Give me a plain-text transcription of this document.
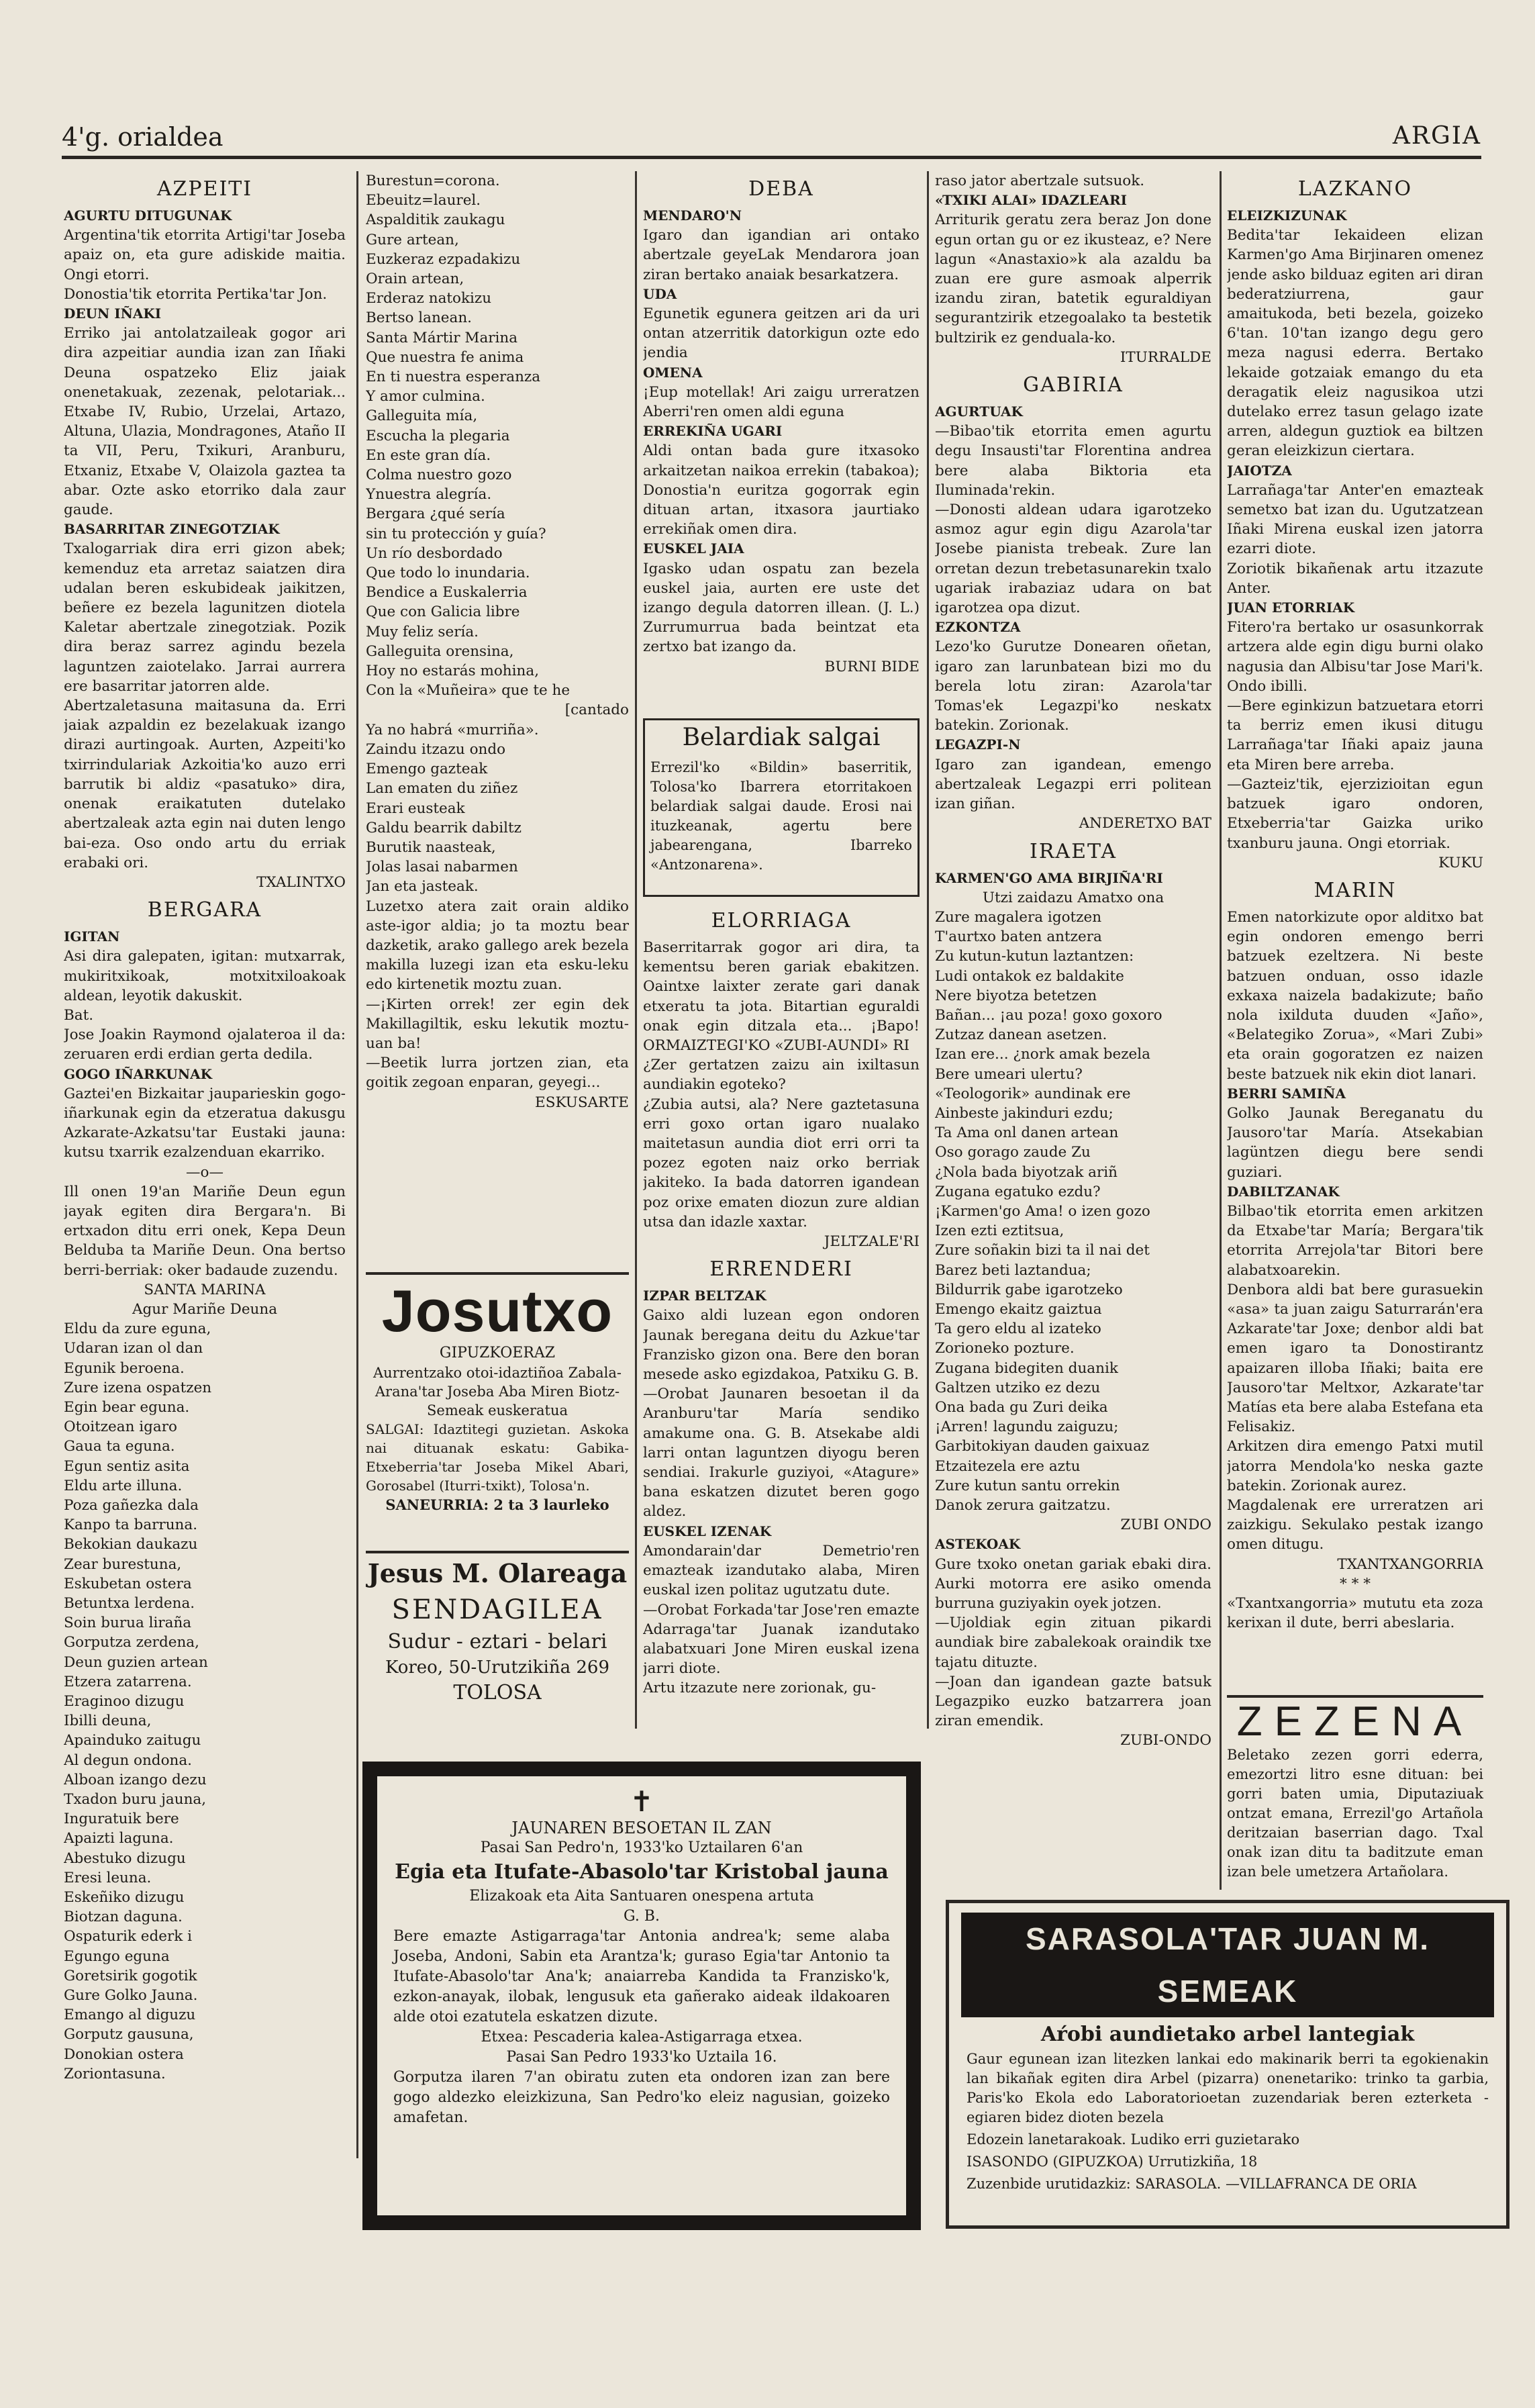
4'g. orialdea	ARGIA

AZPEITI

AGURTU DITUGUNAK

Argentina'tik etorrita Artigi'tar Joseba apaiz on, eta gure adiskide maitia. Ongi etorri.

Donostia'tik etorrita Pertika'tar Jon.

DEUN IÑAKI

Erriko jai antolatzaileak gogor ari dira azpeitiar aundia izan zan Iñaki Deuna ospatzeko Eliz jaiak onenetakuak, zezenak, pelotariak... Etxabe IV, Rubio, Urzelai, Artazo, Altuna, Ulazia, Mondragones, Ataño II ta VII, Peru, Txikuri, Aranburu, Etxaniz, Etxabe V, Olaizola gaztea ta abar. Ozte asko etorriko dala zaur gaude.

BASARRITAR ZINEGOTZIAK

Txalogarriak dira erri gizon abek; kemenduz eta arretaz saiatzen dira udalan beren eskubideak jaikitzen, beñere ez bezela lagunitzen diotela Kaletar abertzale zinegotziak. Pozik dira beraz sarrez agindu bezela laguntzen zaiotelako. Jarrai aurrera ere basarritar jatorren alde.

Abertzaletasuna maitasuna da. Erri jaiak azpaldin ez bezelakuak izango dirazi aurtingoak. Aurten, Azpeiti'ko txirrindulariak Azkoitia'ko auzo erri barrutik bi aldiz «pasatuko» dira, onenak eraikatuten dutelako abertzaleak azta egin nai duten lengo bai-eza. Oso ondo artu du erriak erabaki ori.

TXALINTXO

BERGARA

IGITAN

Asi dira galepaten, igitan: mutxarrak, mukiritxikoak, motxitxiloakoak aldean, leyotik dakuskit.

Bat.

Jose Joakin Raymond ojalateroa il da: zeruaren erdi erdian gerta dedila.

GOGO IÑARKUNAK

Gaztei'en Bizkaitar jauparieskin gogo-iñarkunak egin da etzeratua dakusgu Azkarate-Azkatsu'tar Eustaki jauna: kutsu txarrik ezalzenduan ekarriko.

—o—

Ill onen 19'an Mariñe Deun egun jayak egiten dira Bergara'n. Bi ertxadon ditu erri onek, Kepa Deun Belduba ta Mariñe Deun. Ona bertso berri-berriak: oker badaude zuzendu.

SANTA MARINA

Agur Mariñe Deuna

Eldu da zure eguna,

Udaran izan ol dan

Egunik beroena.

Zure izena ospatzen

Egin bear eguna.

Otoitzean igaro

Gaua ta eguna.

Egun sentiz asita

Eldu arte illuna.

Poza gañezka dala

Kanpo ta barruna.

Bekokian daukazu

Zear burestuna,

Eskubetan ostera

Betuntxa lerdena.

Soin burua liraña

Gorputza zerdena,

Deun guzien artean

Etzera zatarrena.

Eraginoo dizugu

Ibilli deuna,

Apainduko zaitugu

Al degun ondona.

Alboan izango dezu

Txadon buru jauna,

Inguratuik bere

Apaizti laguna.

Abestuko dizugu

Eresi leuna.

Eskeñiko dizugu

Biotzan daguna.

Ospaturik ederk i

Egungo eguna

Goretsirik gogotik

Gure Golko Jauna.

Emango al diguzu

Gorputz gausuna,

Donokian ostera

Zoriontasuna.

Burestun=corona.

Ebeuitz=laurel.

Aspalditik zaukagu

Gure artean,

Euzkeraz ezpadakizu

Orain artean,

Erderaz natokizu

Bertso lanean.

Santa Mártir Marina

Que nuestra fe anima

En ti nuestra esperanza

Y amor culmina.

Galleguita mía,

Escucha la plegaria

En este gran día.

Colma nuestro gozo

Ynuestra alegría.

Bergara ¿qué sería

sin tu protección y guía?

Un río desbordado

Que todo lo inundaria.

Bendice a Euskalerria

Que con Galicia libre

Muy feliz sería.

Galleguita orensina,

Hoy no estarás mohina,

Con la «Muñeira» que te he

[cantado

Ya no habrá «murriña».

Zaindu itzazu ondo

Emengo gazteak

Lan ematen du ziñez

Erari eusteak

Galdu bearrik dabiltz

Burutik naasteak,

Jolas lasai nabarmen

Jan eta jasteak.

Luzetxo atera zait orain aldiko aste-igor aldia; jo ta moztu bear dazketik, arako gallego arek bezela makilla luzegi izan eta esku-leku edo kirtenetik moztu zuan.

—¡Kirten orrek! zer egin dek Makillagiltik, esku lekutik moztu-uan ba!

—Beetik lurra jortzen zian, eta goitik zegoan enparan, geyegi...

ESKUSARTE

Josutxo
GIPUZKOERAZ
Aurrentzako otoi-idaztiñoa Zabala-Arana'tar Joseba Aba Miren Biotz-Semeak euskeratua
SALGAI: Idaztitegi guzietan. Askoka nai dituanak eskatu: Gabika-Etxeberria'tar Joseba Mikel Abari, Gorosabel (Iturri-txikt), Tolosa'n.
SANEURRIA: 2 ta 3 laurleko
Jesus M. Olareaga
SENDAGILEA
Sudur - eztari - belari
Koreo, 50-Urutzikiña 269
TOLOSA

DEBA

MENDARO'N

Igaro dan igandian ari ontako abertzale geyeLak Mendarora joan ziran bertako anaiak besarkatzera.

UDA

Egunetik egunera geitzen ari da uri ontan atzerritik datorkigun ozte edo jendia

OMENA

¡Eup motellak! Ari zaigu urreratzen Aberri'ren omen aldi eguna

ERREKIÑA UGARI

Aldi ontan bada gure itxasoko arkaitzetan naikoa errekin (tabakoa); Donostia'n euritza gogorrak egin dituan artan, itxasora jaurtiako errekiñak omen dira.

EUSKEL JAIA

Igasko udan ospatu zan bezela euskel jaia, aurten ere uste det izango degula datorren illean. (J. L.) Zurrumurrua bada beintzat eta zertxo bat izango da.

BURNI BIDE

Belardiak salgai
Errezil'ko «Bildin» baserritik, Tolosa'ko Ibarrera etorritakoen belardiak salgai daude. Erosi nai ituzkeanak, agertu bere jabearengana, Ibarreko «Antzonarena».

ELORRIAGA

Baserritarrak gogor ari dira, ta kementsu beren gariak ebakitzen. Oaintxe laixter zerate gari danak etxeratu ta jota. Bitartian eguraldi onak egin ditzala eta... ¡Bapo! ORMAIZTEGI'KO «ZUBI-AUNDI» RI

¿Zer gertatzen zaizu ain ixiltasun aundiakin egoteko?

¿Zubia autsi, ala? Nere gaztetasuna erri goxo ortan igaro nualako maitetasun aundia diot erri orri ta pozez egoten naiz orko berriak jakiteko. Ia bada datorren igandean poz orixe ematen diozun zure aldian utsa dan idazle xaxtar.

JELTZALE'RI

ERRENDERI

IZPAR BELTZAK

Gaixo aldi luzean egon ondoren Jaunak beregana deitu du Azkue'tar Franzisko gizon ona. Bere den boran mesede asko egizdakoa, Patxiku G. B.

—Orobat Jaunaren besoetan il da Aranburu'tar María sendiko amakume ona. G. B. Atsekabe aldi larri ontan laguntzen diyogu beren sendiai. Irakurle guziyoi, «Atagure» bana eskatzen dizutet beren gogo aldez.

EUSKEL IZENAK

Amondarain'dar Demetrio'ren emazteak izandutako alaba, Miren euskal izen politaz ugutzatu dute.

—Orobat Forkada'tar Jose'ren emazte Adarraga'tar Juanak izandutako alabatxuari Jone Miren euskal izena jarri diote.

Artu itzazute nere zorionak, gu-

raso jator abertzale sutsuok.

«TXIKI ALAI» IDAZLEARI

Arriturik geratu zera beraz Jon done egun ortan gu or ez ikusteaz, e? Nere lagun «Anastaxio»k ala azaldu ba zuan ere gure asmoak alperrik izandu ziran, batetik eguraldiyan segurantzirik etzegoalako ta bestetik bultzirik ez genduala-ko.

ITURRALDE

GABIRIA

AGURTUAK

—Bibao'tik etorrita emen agurtu degu Insausti'tar Florentina andrea bere alaba Biktoria eta Iluminada'rekin.

—Donosti aldean udara igarotzeko asmoz agur egin digu Azarola'tar Josebe pianista trebeak. Zure lan orretan dezun trebetasunarekin txalo ugariak irabaziaz udara on bat igarotzea opa dizut.

EZKONTZA

Lezo'ko Gurutze Donearen oñetan, igaro zan larunbatean bizi mo du berela lotu ziran: Azarola'tar Tomas'ek Legazpi'ko neskatx batekin. Zorionak.

LEGAZPI-N

Igaro zan igandean, emengo abertzaleak Legazpi erri politean izan giñan.

ANDERETXO BAT

IRAETA

KARMEN'GO AMA BIRJIÑA'RI

Utzi zaidazu Amatxo ona

Zure magalera igotzen

T'aurtxo baten antzera

Zu kutun-kutun laztantzen:

Ludi ontakok ez baldakite

Nere biyotza betetzen

Bañan... ¡au poza! goxo goxoro

Zutzaz danean asetzen.

Izan ere... ¿nork amak bezela

Bere umeari ulertu?

«Teologorik» aundinak ere

Ainbeste jakinduri ezdu;

Ta Ama onl danen artean

Oso gorago zaude Zu

¿Nola bada biyotzak ariñ

Zugana egatuko ezdu?

¡Karmen'go Ama! o izen gozo

Izen ezti eztitsua,

Zure soñakin bizi ta il nai det

Barez beti laztandua;

Bildurrik gabe igarotzeko

Emengo ekaitz gaiztua

Ta gero eldu al izateko

Zorioneko pozture.

Zugana bidegiten duanik

Galtzen utziko ez dezu

Ona bada gu Zuri deika

¡Arren! lagundu zaiguzu;

Garbitokiyan dauden gaixuaz

Etzaitezela ere aztu

Zure kutun santu orrekin

Danok zerura gaitzatzu.

ZUBI ONDO

ASTEKOAK

Gure txoko onetan gariak ebaki dira. Aurki motorra ere asiko omenda burruna guziyakin oyek jotzen.

—Ujoldiak egin zituan pikardi aundiak bire zabalekoak oraindik txe tajatu dituzte.

—Joan dan igandean gazte batsuk Legazpiko euzko batzarrera joan ziran emendik.

ZUBI-ONDO

LAZKANO

ELEIZKIZUNAK

Bedita'tar Iekaideen elizan Karmen'go Ama Birjinaren omenez jende asko bilduaz egiten ari diran bederatziurrena, gaur amaitukoda, beti bezela, goizeko 6'tan. 10'tan izango degu gero meza nagusi ederra. Bertako lekaide gotzaiak emango du eta deragatik eleiz nagusikoa utzi dutelako errez tasun gelago izate arren, aldegun guztiok ea biltzen geran eleizkizun ciertara.

JAIOTZA

Larrañaga'tar Anter'en emazteak semetxo bat izan du. Ugutzatzean Iñaki Mirena euskal izen jatorra ezarri diote.

Zoriotik bikañenak artu itzazute Anter.

JUAN ETORRIAK

Fitero'ra bertako ur osasunkorrak artzera alde egin digu burni olako nagusia dan Albisu'tar Jose Mari'k. Ondo ibilli.

—Bere eginkizun batzuetara etorri ta berriz emen ikusi ditugu Larrañaga'tar Iñaki apaiz jauna eta Miren bere arreba.

—Gazteiz'tik, ejerzizioitan egun batzuek igaro ondoren, Etxeberria'tar Gaizka uriko txanburu jauna. Ongi etorriak.

KUKU

MARIN

Emen natorkizute opor alditxo bat egin ondoren emengo berri batzuek ezeltzera. Ni beste batzuen onduan, osso idazle exkaxa naizela badakizute; baño nola ixilduta duuden «Jaño», «Belategiko Zorua», «Mari Zubi» eta orain gogoratzen ez naizen beste batzuek nik ekin diot lanari.

BERRI SAMIÑA

Golko Jaunak Bereganatu du Jausoro'tar María. Atsekabian lagüntzen diegu bere sendi guziari.

DABILTZANAK

Bilbao'tik etorrita emen arkitzen da Etxabe'tar María; Bergara'tik etorrita Arrejola'tar Bitori bere alabatxoarekin.

Denbora aldi bat bere gurasuekin «asa» ta juan zaigu Saturrarán'era Azkarate'tar Joxe; denbor aldi bat emen igaro ta Donostirantz apaizaren illoba Iñaki; baita ere Jausoro'tar Meltxor, Azkarate'tar Matías eta bere alaba Estefana eta Felisakiz.

Arkitzen dira emengo Patxi mutil jatorra Mendola'ko neska gazte batekin. Zorionak aurez.

Magdalenak ere urreratzen ari zaizkigu. Sekulako pestak izango omen ditugu.

TXANTXANGORRIA

* * *

«Txantxangorria» mututu eta zoza kerixan il dute, berri abeslaria.

ZEZENA
Beletako zezen gorri ederra, emezortzi litro esne dituan: bei gorri baten umia, Diputaziuak ontzat emana, Errezil'go Artañola deritzaian baserrian dago. Txal onak izan ditu ta baditzute eman izan bele umetzera Artañolara.

✝

JAUNAREN BESOETAN IL ZAN

Pasai San Pedro'n, 1933'ko Uztailaren 6'an

Egia eta Itufate-Abasolo'tar Kristobal jauna

Elizakoak eta Aita Santuaren onespena artuta

G. B.

Bere emazte Astigarraga'tar Antonia andrea'k; seme alaba Joseba, Andoni, Sabin eta Arantza'k; guraso Egia'tar Antonio ta Itufate-Abasolo'tar Ana'k; anaiarreba Kandida ta Franzisko'k, ezkon-anayak, ilobak, lengusuk eta gañerako aideak ildakoaren alde otoi ezatutela eskatzen dizute.

Etxea: Pescaderia kalea-Astigarraga etxea.

Pasai San Pedro 1933'ko Uztaila 16.

Gorputza ilaren 7'an obiratu zuten eta ondoren izan zan bere gogo aldezko eleizkizuna, San Pedro'ko eleiz nagusian, goizeko amafetan.

SARASOLA'TAR JUAN M. SEMEAK
Aŕobi aundietako arbel lantegiak
Gaur egunean izan litezken lankai edo makinarik berri ta egokienakin lan bikañak egiten dira Arbel (pizarra) onenetariko: trinko ta garbia, Paris'ko Ekola edo Laboratorioetan zuzendariak beren ezterketa - egiaren bidez dioten bezela
Edozein lanetarakoak. Ludiko erri guzietarako
ISASONDO (GIPUZKOA) Urrutizkiña, 18
Zuzenbide urutidazkiz: SARASOLA. —VILLAFRANCA DE ORIA
